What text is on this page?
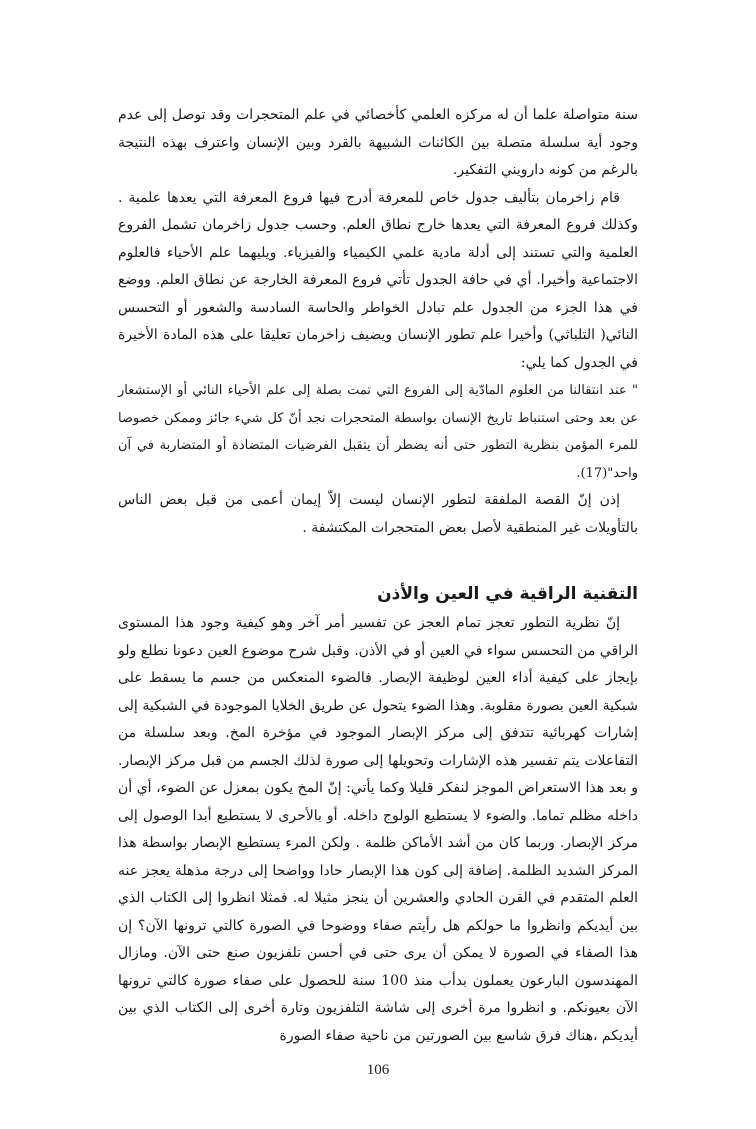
سنة متواصلة علما أن له مركزه العلمي كأخصائي في علم المتحجرات وقد توصل إلى عدم وجود أية سلسلة متصلة بين الكائنات الشبيهة بالقرد وبين الإنسان واعترف بهذه النتيجة بالرغم من كونه دارويني التفكير.

قام زاخرمان بتأليف جدول خاص للمعرفة أدرج فيها فروع المعرفة التي يعدها علمية . وكذلك فروع المعرفة التي يعدها خارج نطاق العلم. وحسب جدول زاخرمان تشمل الفروع العلمية والتي تستند إلى أدلة مادية علمي الكيمياء والفيزياء. ويليهما علم الأحياء فالعلوم الاجتماعية وأخيرا. أي في حافة الجدول تأتي فروع المعرفة الخارجة عن نطاق العلم. ووضع في هذا الجزء من الجدول علم تبادل الخواطر والحاسة السادسة والشعور أو التحسس النائي( التلباثي) وأخيرا علم تطور الإنسان ويضيف زاخرمان تعليقا على هذه المادة الأخيرة في الجدول كما يلي:

" عند انتقالنا من العلوم المادّية إلى الفروع التي تمت بصلة إلى علم الأحياء النائي أو الإستشعار عن بعد وحتى استنباط تاريخ الإنسان بواسطة المتحجرات نجد أنّ كل شيء جائز وممكن خصوصا للمرء المؤمن بنظرية التطور حتى أنه يضطر أن يتقبل الفرضيات المتضادة أو المتضاربة في آن واحد"(17).

إذن إنّ القصة الملفقة لتطور الإنسان ليست إلاّ إيمان أعمى من قبل بعض الناس بالتأويلات غير المنطقية لأصل بعض المتحجرات المكتشفة .

التقنية الراقية في العين والأذن

إنّ نظرية التطور تعجز تمام العجز عن تفسير أمر آخر وهو كيفية وجود هذا المستوى الراقي من التحسس سواء في العين أو في الأذن. وقبل شرح موضوع العين دعونا نطلع ولو بإيجاز على كيفية أداء العين لوظيفة الإبصار. فالضوء المنعكس من جسم ما يسقط على شبكية العين بصورة مقلوبة. وهذا الضوء يتحول عن طريق الخلايا الموجودة في الشبكية إلى إشارات كهربائية تتدفق إلى مركز الإبصار الموجود في مؤخرة المخ. وبعد سلسلة من التفاعلات يتم تفسير هذه الإشارات وتحويلها إلى صورة لذلك الجسم من قبل مركز الإبصار. و بعد هذا الاستعراض الموجز لنفكر قليلا وكما يأتي: إنّ المخ يكون بمعزل عن الضوء، أي أن داخله مظلم تماما. والضوء لا يستطيع الولوج داخله. أو بالأحرى لا يستطيع أبدا الوصول إلى مركز الإبصار. وربما كان من أشد الأماكن ظلمة . ولكن المرء يستطيع الإبصار بواسطة هذا المركز الشديد الظلمة. إضافة إلى كون هذا الإبصار حادا وواضحا إلى درجة مذهلة يعجز عنه العلم المتقدم في القرن الحادي والعشرين أن ينجز مثيلا له. فمثلا انظروا إلى الكتاب الذي بين أيديكم وانظروا ما حولكم هل رأيتم صفاء ووضوحا في الصورة كالتي ترونها الآن؟ إن هذا الصفاء في الصورة لا يمكن أن يرى حتى في أحسن تلفزيون صنع حتى الآن. ومازال المهندسون البارعون يعملون بدأب منذ 100 سنة للحصول على صفاء صورة كالتي ترونها الآن بعيونكم. و انظروا مرة أخرى إلى شاشة التلفزيون وتارة أخرى إلى الكتاب الذي بين أيديكم ،هناك فرق شاسع بين الصورتين من ناحية صفاء الصورة

106
